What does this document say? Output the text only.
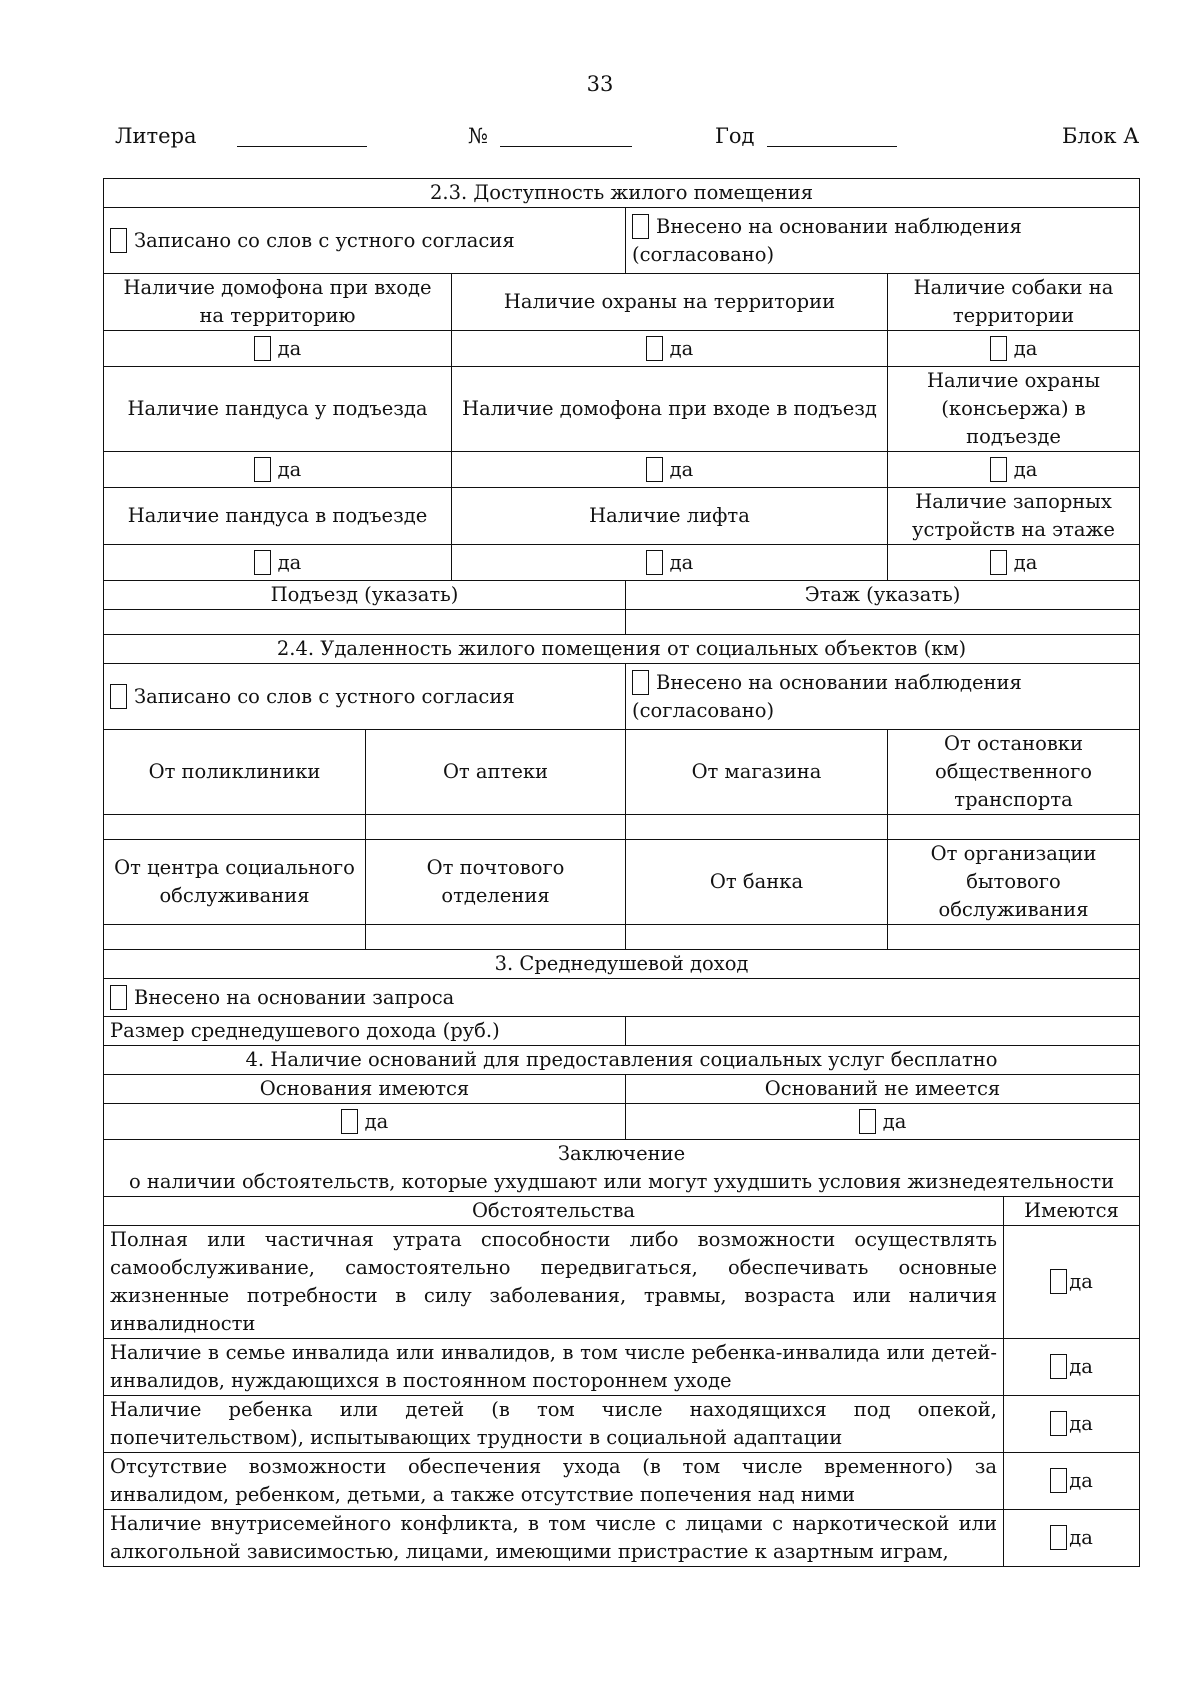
33
Литера	№	Год	Блок А
2.3. Доступность жилого помещения					
Записано со слов с устного согласия			Внесено на основании наблюдения (согласовано)		
Наличие домофона при входе на территорию		Наличие охраны на территории		Наличие собаки на территории	
да		да		да	
Наличие пандуса у подъезда		Наличие домофона при входе в подъезд		Наличие охраны (консьержа) в подъезде	
да		да		да	
Наличие пандуса в подъезде		Наличие лифта		Наличие запорных устройств на этаже	
да		да		да	
Подъезд (указать)			Этаж (указать)		

2.4. Удаленность жилого помещения от социальных объектов (км)					
Записано со слов с устного согласия			Внесено на основании наблюдения (согласовано)		
От поликлиники	От аптеки		От магазина	От остановки общественного транспорта	

От центра социального обслуживания	От почтового отделения		От банка	От организации бытового обслуживания	

3. Среднедушевой доход					
Внесено на основании запроса					
Размер среднедушевого дохода (руб.)					
4. Наличие оснований для предоставления социальных услуг бесплатно					
Основания имеются			Оснований не имеется		
да			да		

Заключение
о наличии обстоятельств, которые ухудшают или могут ухудшить условия жизнедеятельности					

Обстоятельства					Имеются
Полная или частичная утрата способности либо возможности осуществлять самообслуживание, самостоятельно передвигаться, обеспечивать основные жизненные потребности в силу заболевания, травмы, возраста или наличия инвалидности					да
Наличие в семье инвалида или инвалидов, в том числе ребенка-инвалида или детей-инвалидов, нуждающихся в постоянном постороннем уходе					да
Наличие ребенка или детей (в том числе находящихся под опекой, попечительством), испытывающих трудности в социальной адаптации					да
Отсутствие возможности обеспечения ухода (в том числе временного) за инвалидом, ребенком, детьми, а также отсутствие попечения над ними					да
Наличие внутрисемейного конфликта, в том числе с лицами с наркотической или алкогольной зависимостью, лицами, имеющими пристрастие к азартным играм,					да
